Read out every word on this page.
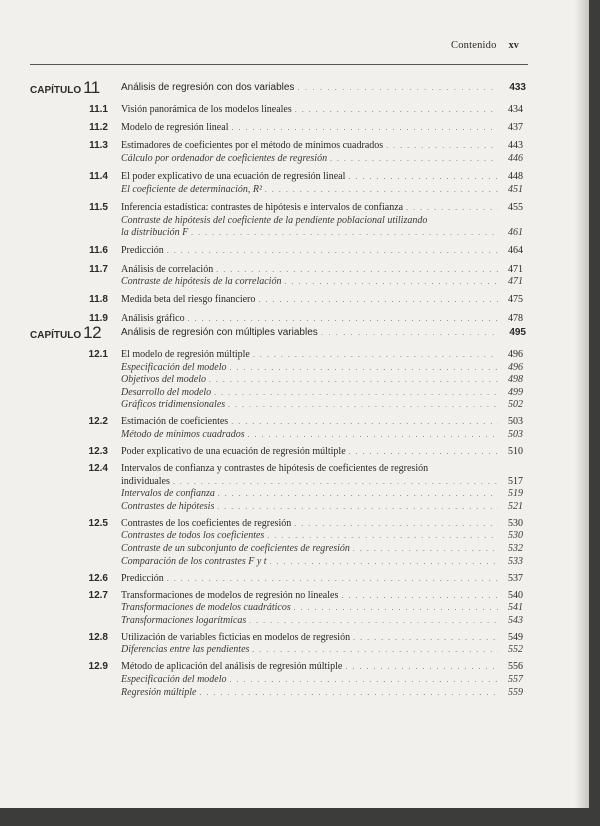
Contenido xv
CAPÍTULO 11	Análisis de regresión con dos variables . . .	433
11.1 Visión panorámica de los modelos lineales . . .	434
11.2 Modelo de regresión lineal . . .	437
11.3 Estimadores de coeficientes por el método de mínimos cuadrados . . .	443
Cálculo por ordenador de coeficientes de regresión . . .	446
11.4 El poder explicativo de una ecuación de regresión lineal . . .	448
El coeficiente de determinación, R² . . .	451
11.5 Inferencia estadística: contrastes de hipótesis e intervalos de confianza . . .	455
Contraste de hipótesis del coeficiente de la pendiente poblacional utilizando
la distribución F . . .	461
11.6 Predicción . . .	464
11.7 Análisis de correlación . . .	471
Contraste de hipótesis de la correlación . . .	471
11.8 Medida beta del riesgo financiero . . .	475
11.9 Análisis gráfico . . .	478
CAPÍTULO 12	Análisis de regresión con múltiples variables . . .	495
12.1 El modelo de regresión múltiple . . .	496
Especificación del modelo . . .	496
Objetivos del modelo . . .	498
Desarrollo del modelo . . .	499
Gráficos tridimensionales . . .	502
12.2 Estimación de coeficientes . . .	503
Método de mínimos cuadrados . . .	503
12.3 Poder explicativo de una ecuación de regresión múltiple . . .	510
12.4 Intervalos de confianza y contrastes de hipótesis de coeficientes de regresión
individuales . . .	517
Intervalos de confianza . . .	519
Contrastes de hipótesis . . .	521
12.5 Contrastes de los coeficientes de regresión . . .	530
Contrastes de todos los coeficientes . . .	530
Contraste de un subconjunto de coeficientes de regresión . . .	532
Comparación de los contrastes F y t . . .	533
12.6 Predicción . . .	537
12.7 Transformaciones de modelos de regresión no lineales . . .	540
Transformaciones de modelos cuadráticos . . .	541
Transformaciones logarítmicas . . .	543
12.8 Utilización de variables ficticias en modelos de regresión . . .	549
Diferencias entre las pendientes . . .	552
12.9 Método de aplicación del análisis de regresión múltiple . . .	556
Especificación del modelo . . .	557
Regresión múltiple . . .	559
